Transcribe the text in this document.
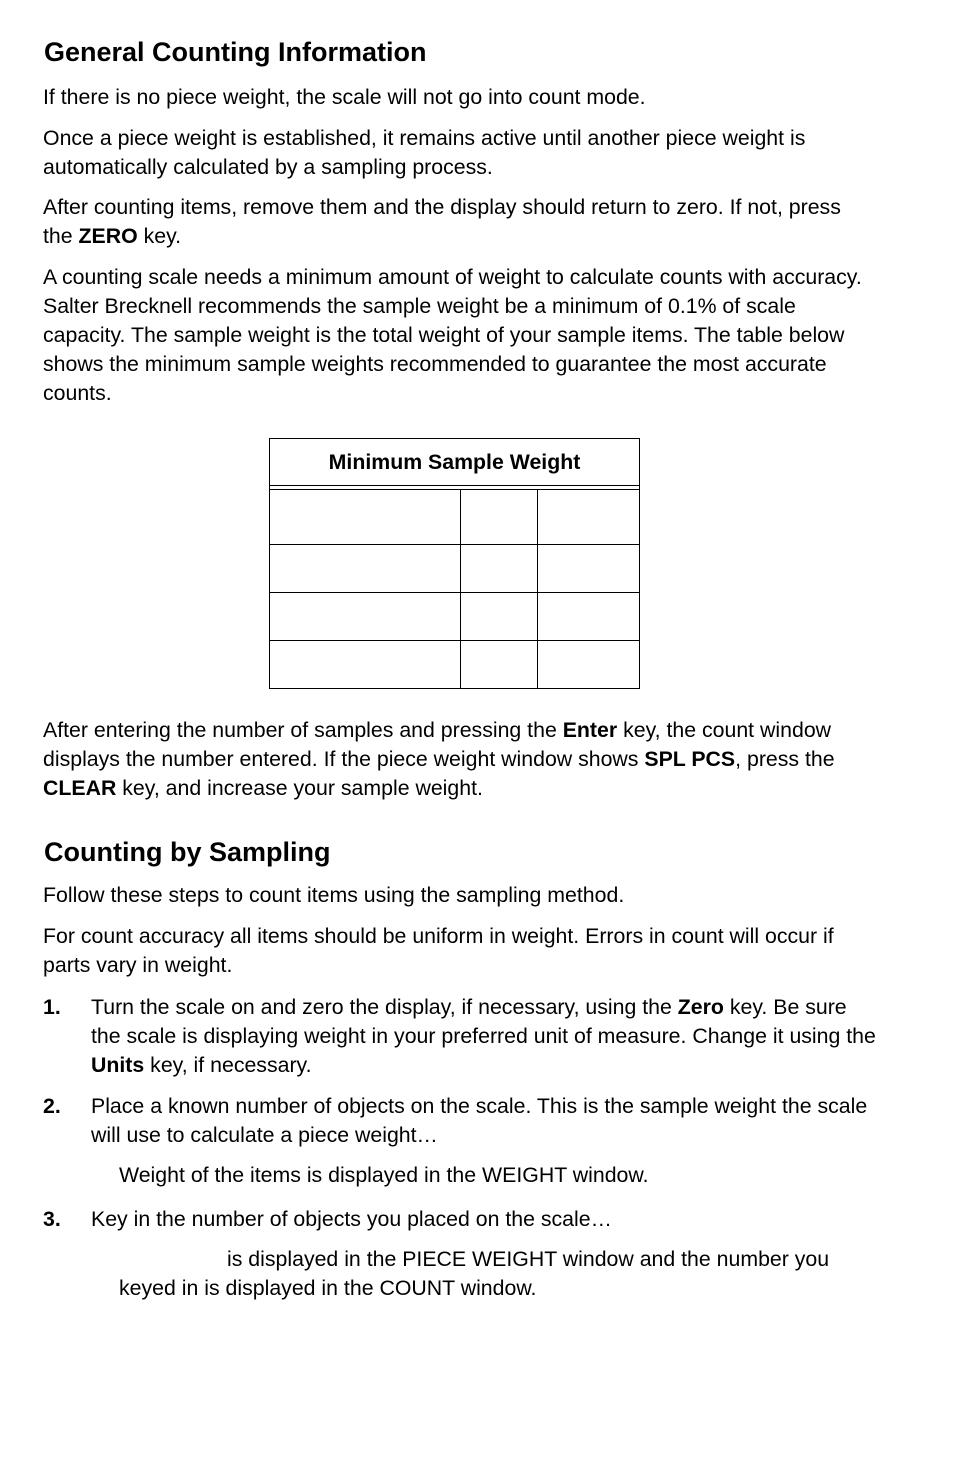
General Counting Information

If there is no piece weight, the scale will not go into count mode.

Once a piece weight is established, it remains active until another piece weight is automatically calculated by a sampling process.

After counting items, remove them and the display should return to zero. If not, press the ZERO key.

A counting scale needs a minimum amount of weight to calculate counts with accuracy. Salter Brecknell recommends the sample weight be a minimum of 0.1% of scale capacity. The sample weight is the total weight of your sample items. The table below shows the minimum sample weights recommended to guarantee the most accurate counts.

Minimum Sample Weight

After entering the number of samples and pressing the Enter key, the count window displays the number entered. If the piece weight window shows SPL PCS, press the CLEAR key, and increase your sample weight.

Counting by Sampling

Follow these steps to count items using the sampling method.

For count accuracy all items should be uniform in weight. Errors in count will occur if parts vary in weight.

1. Turn the scale on and zero the display, if necessary, using the Zero key. Be sure the scale is displaying weight in your preferred unit of measure. Change it using the Units key, if necessary.

2. Place a known number of objects on the scale. This is the sample weight the scale will use to calculate a piece weight…

Weight of the items is displayed in the WEIGHT window.

3. Key in the number of objects you placed on the scale…

is displayed in the PIECE WEIGHT window and the number you keyed in is displayed in the COUNT window.
